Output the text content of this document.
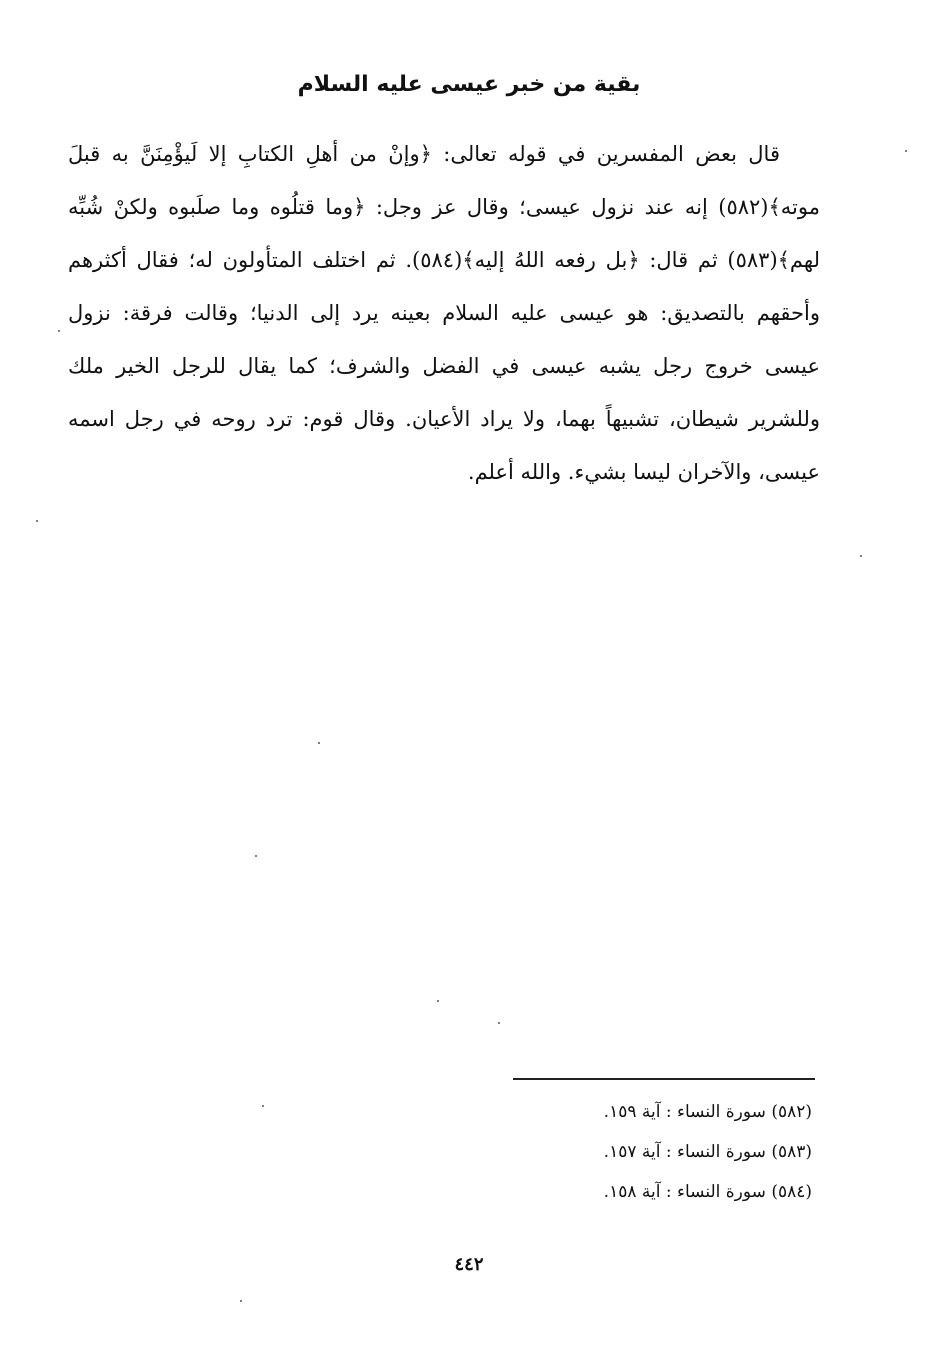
بقية من خبر عيسى عليه السلام
قال بعض المفسرين في قوله تعالى: ﴿وإنْ من أهلِ الكتابِ إلا لَيؤْمِنَنَّ به قبلَ
موته﴾(٥٨٢) إنه عند نزول عيسى؛ وقال عز وجل: ﴿وما قتلُوه وما صلَبوه ولكنْ شُبِّه
لهم﴾(٥٨٣) ثم قال: ﴿بل رفعه اللهُ إليه﴾(٥٨٤). ثم اختلف المتأولون له؛ فقال أكثرهم
وأحقهم بالتصديق: هو عيسى عليه السلام بعينه يرد إلى الدنيا؛ وقالت فرقة: نزول
عيسى خروج رجل يشبه عيسى في الفضل والشرف؛ كما يقال للرجل الخير ملك
وللشرير شيطان، تشبيهاً بهما، ولا يراد الأعيان. وقال قوم: ترد روحه في رجل اسمه
عيسى، والآخران ليسا بشيء. والله أعلم.
(٥٨٢) سورة النساء : آية ١٥٩.
(٥٨٣) سورة النساء : آية ١٥٧.
(٥٨٤) سورة النساء : آية ١٥٨.
٤٤٢
